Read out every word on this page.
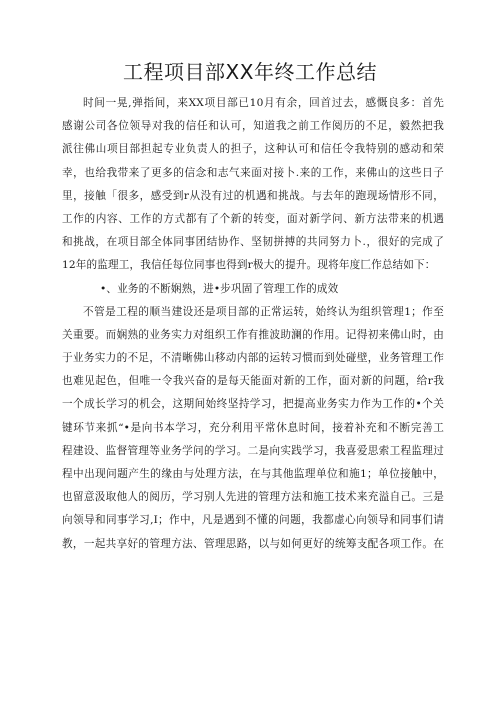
工程项目部XX年终工作总结
时间一晃,弹指间，来XX项目部已10月有余，回首过去，感慨良多：首先
感谢公司各位领导对我的信任和认可，知道我之前工作阅历的不足，毅然把我
派往佛山项目部担起专业负责人的担子，这种认可和信任令我特别的感动和荣
幸，也给我带来了更多的信念和志气来面对接卜.来的工作，来佛山的这些日子
里，接触「很多，感受到r从没有过的机遇和挑战。与去年的跑现场情形不同，
工作的内容、工作的方式都有了个新的转变，面对新学问、新方法带来的机遇
和挑战，在项目部全体同事团结协作、坚韧拼搏的共同努力卜.，很好的完成了
12年的监理工，我信任每位同事也得到r极大的提升。现将年度匚作总结如下：
•、业务的不断娴熟，进•步巩固了管理工作的成效
不管是工程的顺当建设还是项目部的正常运转，始终认为组织管理1；作至
关重要。而娴熟的业务实力对组织工作有推波助澜的作用。记得初来佛山时，由
于业务实力的不足，不清晰佛山移动内部的运转习惯而到处碰壁，业务管理工作
也难见起色，但唯一令我兴奋的是每天能面对新的工作，面对新的问题，给r我
一个成长学习的机会，这期间始终坚持学习，把提高业务实力作为工作的•个关
键环节来抓“•是向书本学习，充分利用平常休息时间，接着补充和不断完善工
程建设、监督管理等业务学问的学习。二是向实践学习，我喜爱思索工程监理过
程中出现问题产生的缘由与处理方法，在与其他监理单位和施1；单位接触中，
也留意汲取他人的阅历，学习别人先进的管理方法和施工技术来充溢自己。三是
向领导和同事学习,I；作中，凡是遇到不懂的问题，我都虚心向领导和同事们请
教，一起共享好的管理方法、管理思路，以与如何更好的统筹支配各项工作。在
